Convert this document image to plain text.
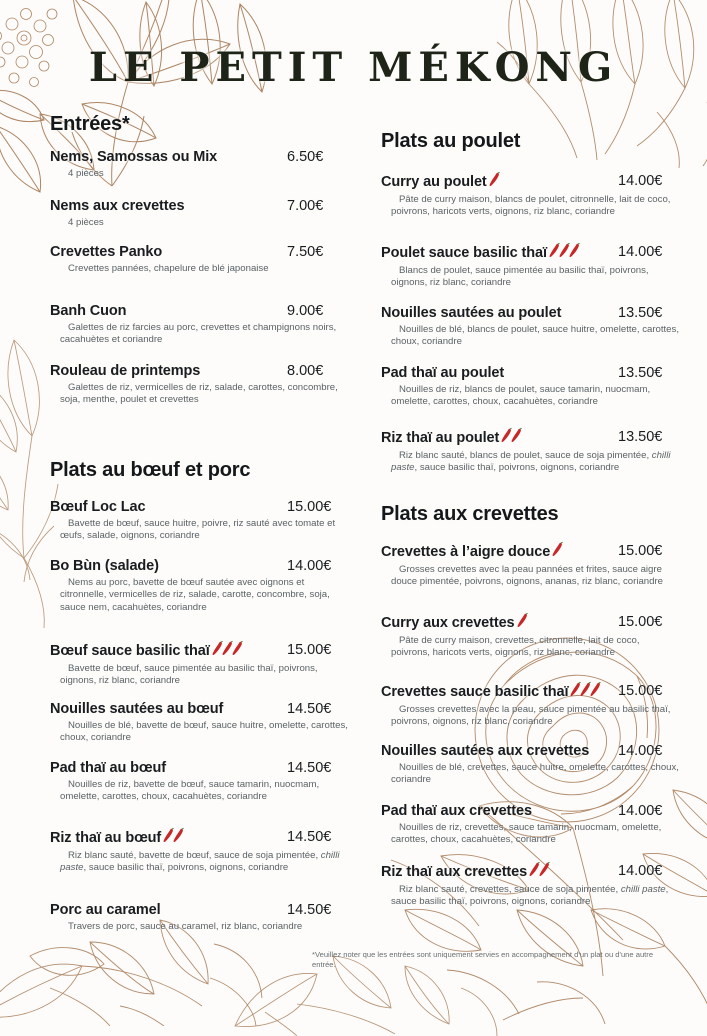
LE PETIT MÉKONG
Entrées*
Nems, Samossas ou Mix	6.50€
4 pièces
Nems aux crevettes	7.00€
4 pièces
Crevettes Panko	7.50€
Crevettes pannées, chapelure de blé japonaise
Banh Cuon	9.00€
Galettes de riz farcies au porc, crevettes et champignons noirs, cacahuètes et coriandre
Rouleau de printemps	8.00€
Galettes de riz, vermicelles de riz, salade, carottes, concombre, soja, menthe, poulet et crevettes
Plats au bœuf et porc
Bœuf Loc Lac	15.00€
Bavette de bœuf, sauce huitre, poivre, riz sauté avec tomate et œufs, salade, oignons, coriandre
Bo Bùn (salade)	14.00€
Nems au porc, bavette de bœuf sautée avec oignons et citronnelle, vermicelles de riz, salade, carotte, concombre, soja, sauce nem, cacahuètes, coriandre
Bœuf sauce basilic thaï	15.00€
Bavette de bœuf, sauce pimentée au basilic thaï, poivrons, oignons, riz blanc, coriandre
Nouilles sautées au bœuf	14.50€
Nouilles de blé, bavette de bœuf, sauce huitre, omelette, carottes, choux, coriandre
Pad thaï au bœuf	14.50€
Nouilles de riz, bavette de bœuf, sauce tamarin, nuocmam, omelette, carottes, choux, cacahuètes, coriandre
Riz thaï au bœuf	14.50€
Riz blanc sauté, bavette de bœuf, sauce de soja pimentée, chilli paste, sauce basilic thaï, poivrons, oignons, coriandre
Porc au caramel	14.50€
Travers de porc, sauce au caramel, riz blanc, coriandre
Plats au poulet
Curry au poulet	14.00€
Pâte de curry maison, blancs de poulet, citronnelle, lait de coco, poivrons, haricots verts, oignons, riz blanc, coriandre
Poulet sauce basilic thaï	14.00€
Blancs de poulet, sauce pimentée au basilic thaï, poivrons, oignons, riz blanc, coriandre
Nouilles sautées au poulet	13.50€
Nouilles de blé, blancs de poulet, sauce huitre, omelette, carottes, choux, coriandre
Pad thaï au poulet	13.50€
Nouilles de riz, blancs de poulet, sauce tamarin, nuocmam, omelette, carottes, choux, cacahuètes, coriandre
Riz thaï au poulet	13.50€
Riz blanc sauté, blancs de poulet, sauce de soja pimentée, chilli paste, sauce basilic thaï, poivrons, oignons, coriandre
Plats aux crevettes
Crevettes à l’aigre douce	15.00€
Grosses crevettes avec la peau pannées et frites, sauce aigre douce pimentée, poivrons, oignons, ananas, riz blanc, coriandre
Curry aux crevettes	15.00€
Pâte de curry maison, crevettes, citronnelle, lait de coco, poivrons, haricots verts, oignons, riz blanc, coriandre
Crevettes sauce basilic thaï	15.00€
Grosses crevettes avec la peau, sauce pimentée au basilic thaï, poivrons, oignons, riz blanc, coriandre
Nouilles sautées aux crevettes 14.00€
Nouilles de blé, crevettes, sauce huitre, omelette, carottes, choux, coriandre
Pad thaï aux crevettes	14.00€
Nouilles de riz, crevettes, sauce tamarin, nuocmam, omelette, carottes, choux, cacahuètes, coriandre
Riz thaï aux crevettes	14.00€
Riz blanc sauté, crevettes, sauce de soja pimentée, chilli paste, sauce basilic thaï, poivrons, oignons, coriandre
*Veuillez noter que les entrées sont uniquement servies en accompagnement d'un plat ou d'une autre entrée.
